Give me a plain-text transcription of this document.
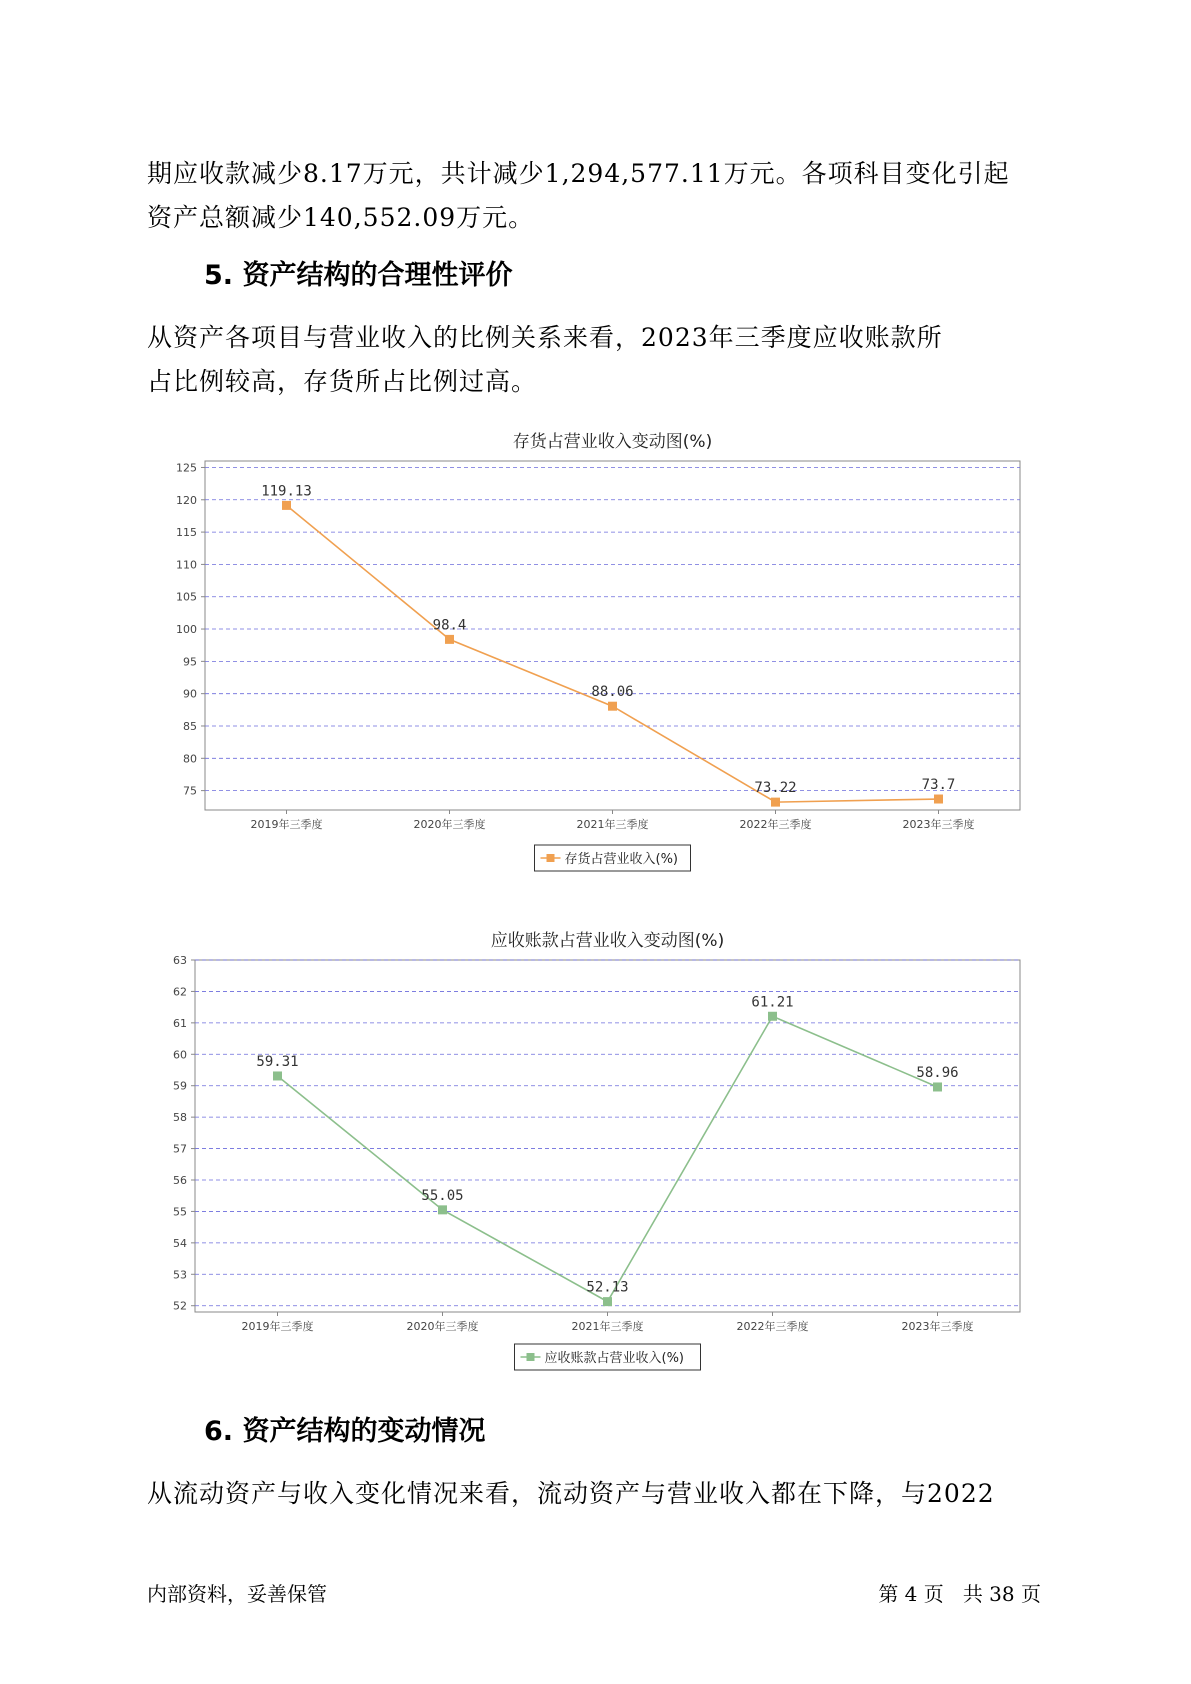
期应收款减少8.17万元，共计减少1,294,577.11万元。各项科目变化引起

资产总额减少140,552.09万元。

5. 资产结构的合理性评价

从资产各项目与营业收入的比例关系来看，2023年三季度应收账款所

占比例较高，存货所占比例过高。

存货占营业收入变动图(%)
75
80
85
90
95
100
105
110
115
120
125
2019年三季度	2020年三季度	2021年三季度	2022年三季度	2023年三季度
119.13
98.4
88.06
73.22	73.7
存货占营业收入(%)
应收账款占营业收入变动图(%)
52
53
54
55
56
57
58
59
60
61
62
63
2019年三季度	2020年三季度	2021年三季度	2022年三季度	2023年三季度
59.31
55.05
52.13
61.21
58.96
应收账款占营业收入(%)
6. 资产结构的变动情况

从流动资产与收入变化情况来看，流动资产与营业收入都在下降，与2022

内部资料，妥善保管	第 4 页   共 38 页
